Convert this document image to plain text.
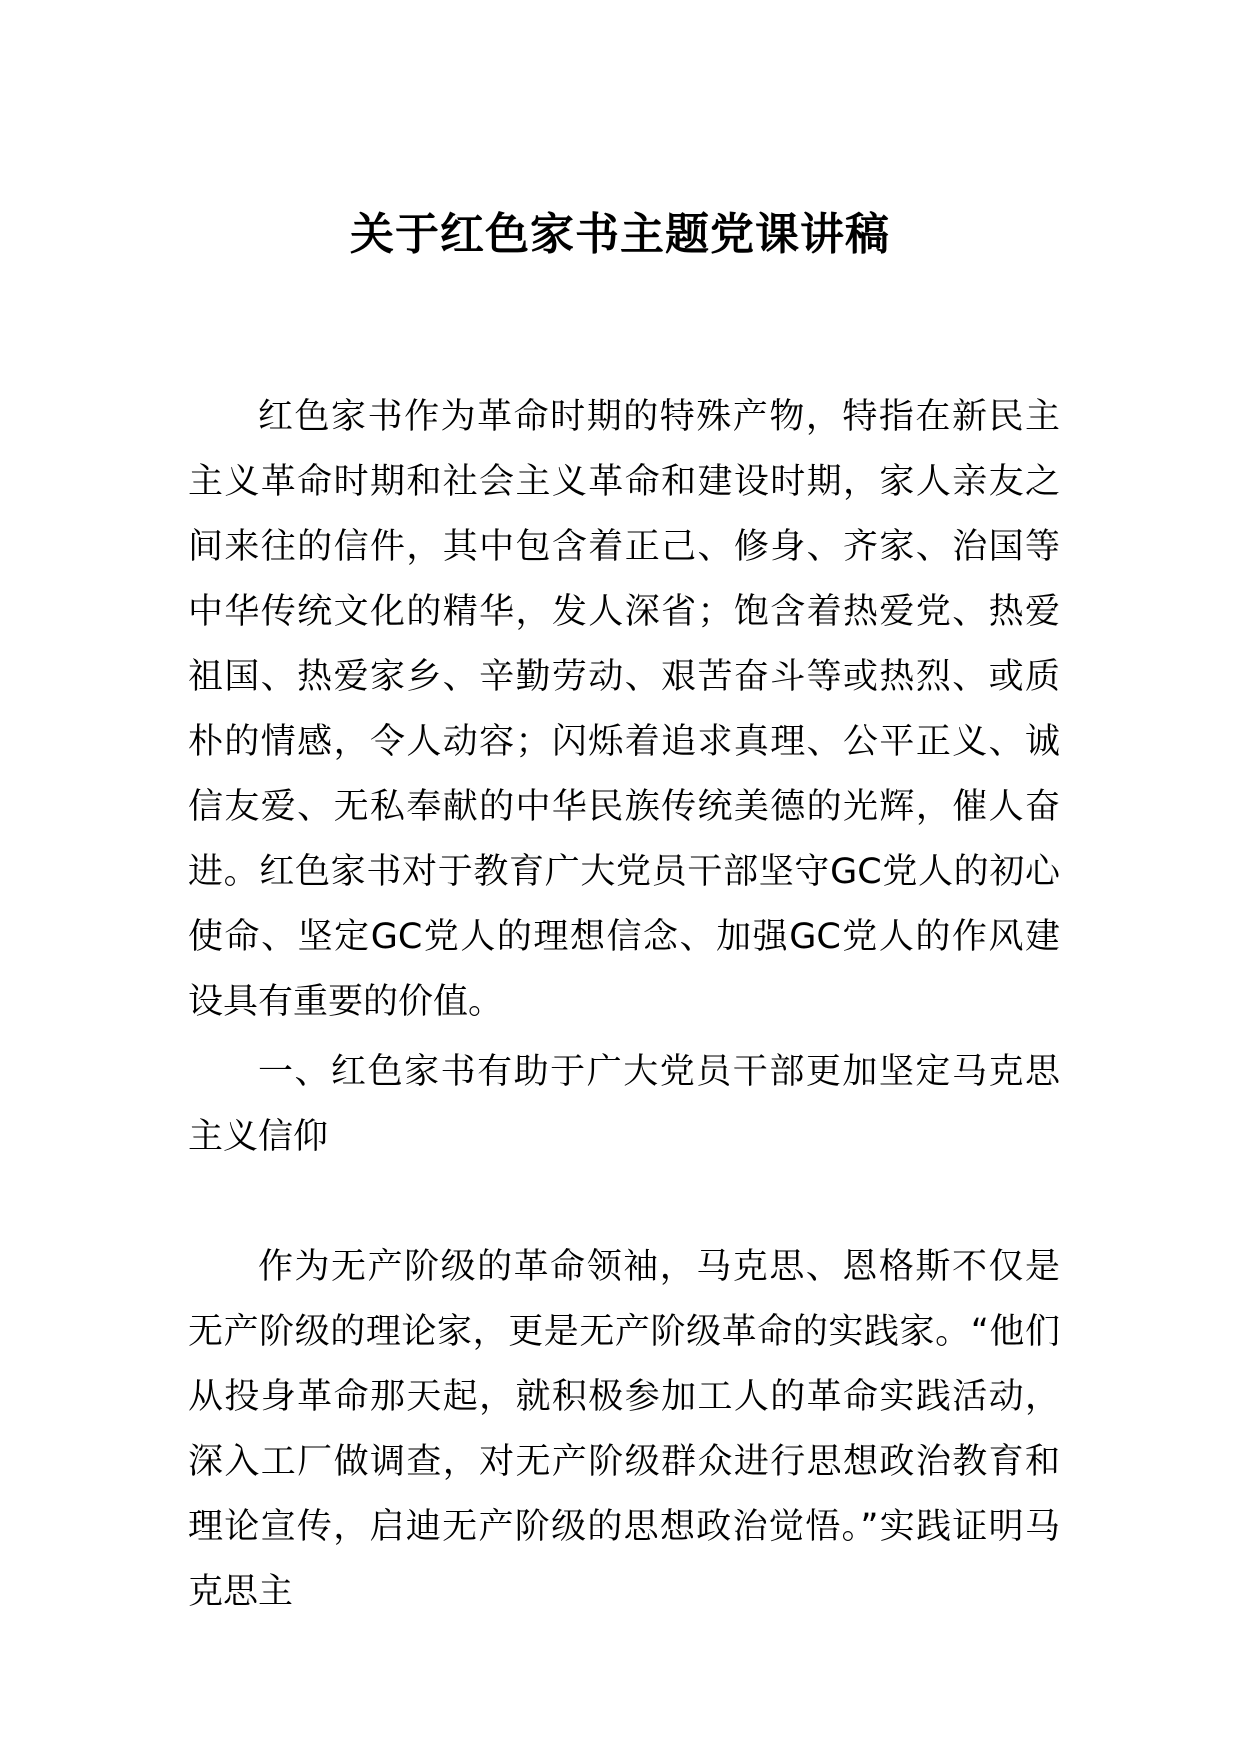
关于红色家书主题党课讲稿

红色家书作为革命时期的特殊产物，特指在新民主主义革命时期和社会主义革命和建设时期，家人亲友之间来往的信件，其中包含着正己、修身、齐家、治国等中华传统文化的精华，发人深省；饱含着热爱党、热爱祖国、热爱家乡、辛勤劳动、艰苦奋斗等或热烈、或质朴的情感，令人动容；闪烁着追求真理、公平正义、诚信友爱、无私奉献的中华民族传统美德的光辉，催人奋进。红色家书对于教育广大党员干部坚守GC党人的初心使命、坚定GC党人的理想信念、加强GC党人的作风建设具有重要的价值。

一、红色家书有助于广大党员干部更加坚定马克思主义信仰

作为无产阶级的革命领袖，马克思、恩格斯不仅是无产阶级的理论家，更是无产阶级革命的实践家。“他们从投身革命那天起，就积极参加工人的革命实践活动，深入工厂做调查，对无产阶级群众进行思想政治教育和理论宣传，启迪无产阶级的思想政治觉悟。”实践证明马克思主
